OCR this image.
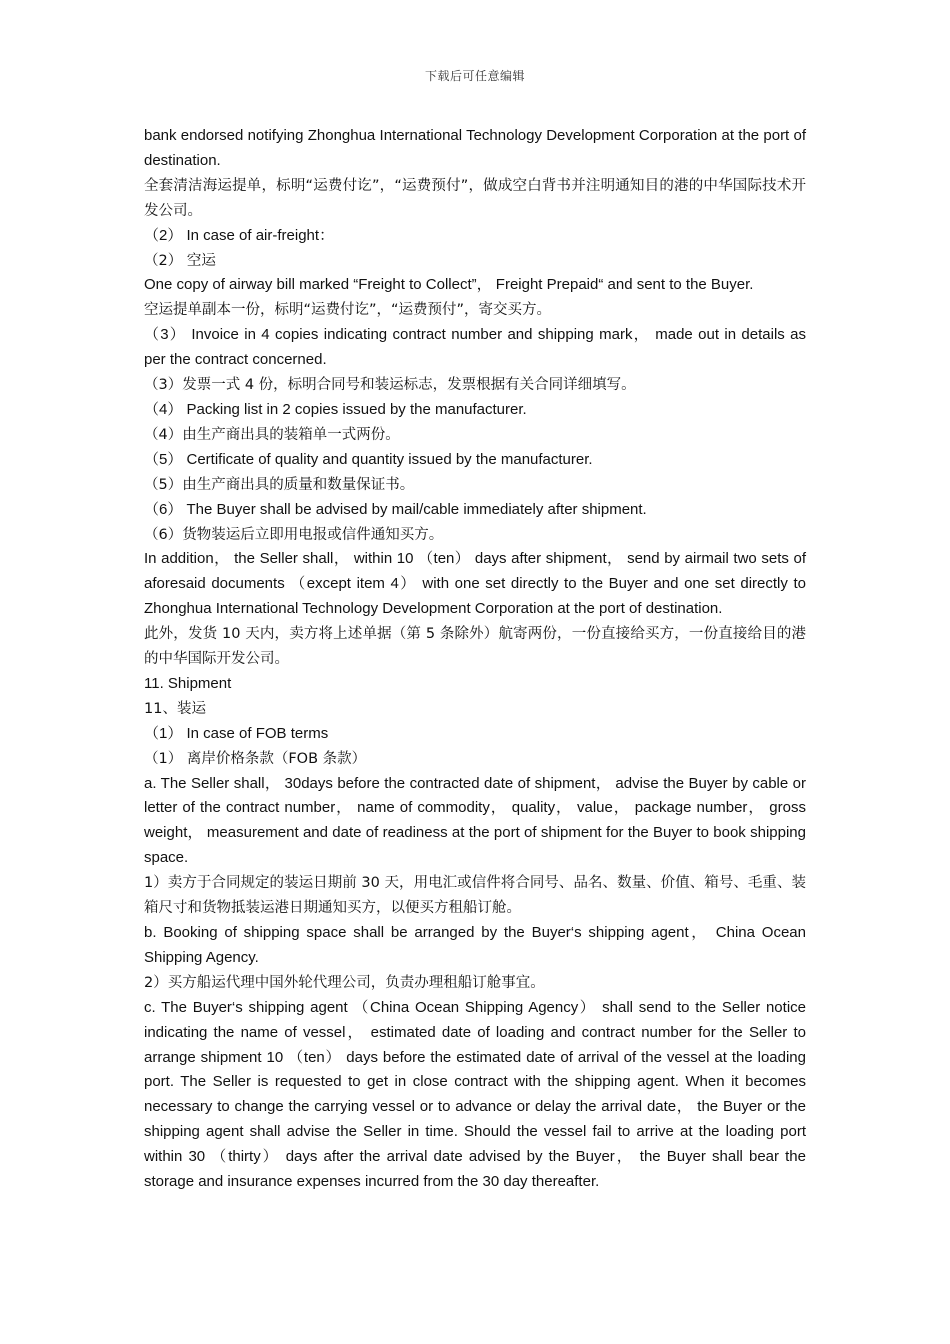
下载后可任意编辑

bank endorsed notifying Zhonghua International Technology Development Corporation at the port of destination.

全套清洁海运提单，标明“运费付讫”，“运费预付”，做成空白背书并注明通知目的港的中华国际技术开发公司。

（2） In case of air-freight：

（2） 空运

One copy of airway bill marked “Freight to Collect”， Freight Prepaid“ and sent to the Buyer.

空运提单副本一份，标明“运费付讫”，“运费预付”，寄交买方。

（3） Invoice in 4 copies indicating contract number and shipping mark， made out in details as per the contract concerned.

（3）发票一式 4 份，标明合同号和装运标志，发票根据有关合同详细填写。

（4） Packing list in 2 copies issued by the manufacturer.

（4）由生产商出具的装箱单一式两份。

（5） Certificate of quality and quantity issued by the manufacturer.

（5）由生产商出具的质量和数量保证书。

（6） The Buyer shall be advised by mail/cable immediately after shipment.

（6）货物装运后立即用电报或信件通知买方。

In addition， the Seller shall， within 10 （ten） days after shipment， send by airmail two sets of aforesaid documents （except item 4） with one set directly to the Buyer and one set directly to Zhonghua International Technology Development Corporation at the port of destination.

此外，发货 10 天内，卖方将上述单据（第 5 条除外）航寄两份，一份直接给买方，一份直接给目的港的中华国际开发公司。

11. Shipment

11、装运

（1） In case of FOB terms

（1） 离岸价格条款（FOB 条款）

a. The Seller shall， 30days before the contracted date of shipment， advise the Buyer by cable or letter of the contract number， name of commodity， quality， value， package number， gross weight， measurement and date of readiness at the port of shipment for the Buyer to book shipping space.

1）卖方于合同规定的装运日期前 30 天，用电汇或信件将合同号、品名、数量、价值、箱号、毛重、装箱尺寸和货物抵装运港日期通知买方，以便买方租船订舱。

b. Booking of shipping space shall be arranged by the Buyer‘s shipping agent， China Ocean Shipping Agency.

2）买方船运代理中国外轮代理公司，负责办理租船订舱事宜。

c. The Buyer‘s shipping agent （China Ocean Shipping Agency） shall send to the Seller notice indicating the name of vessel， estimated date of loading and contract number for the Seller to arrange shipment 10 （ten） days before the estimated date of arrival of the vessel at the loading port. The Seller is requested to get in close contract with the shipping agent. When it becomes necessary to change the carrying vessel or to advance or delay the arrival date， the Buyer or the shipping agent shall advise the Seller in time. Should the vessel fail to arrive at the loading port within 30 （thirty） days after the arrival date advised by the Buyer， the Buyer shall bear the storage and insurance expenses incurred from the 30 day thereafter.
